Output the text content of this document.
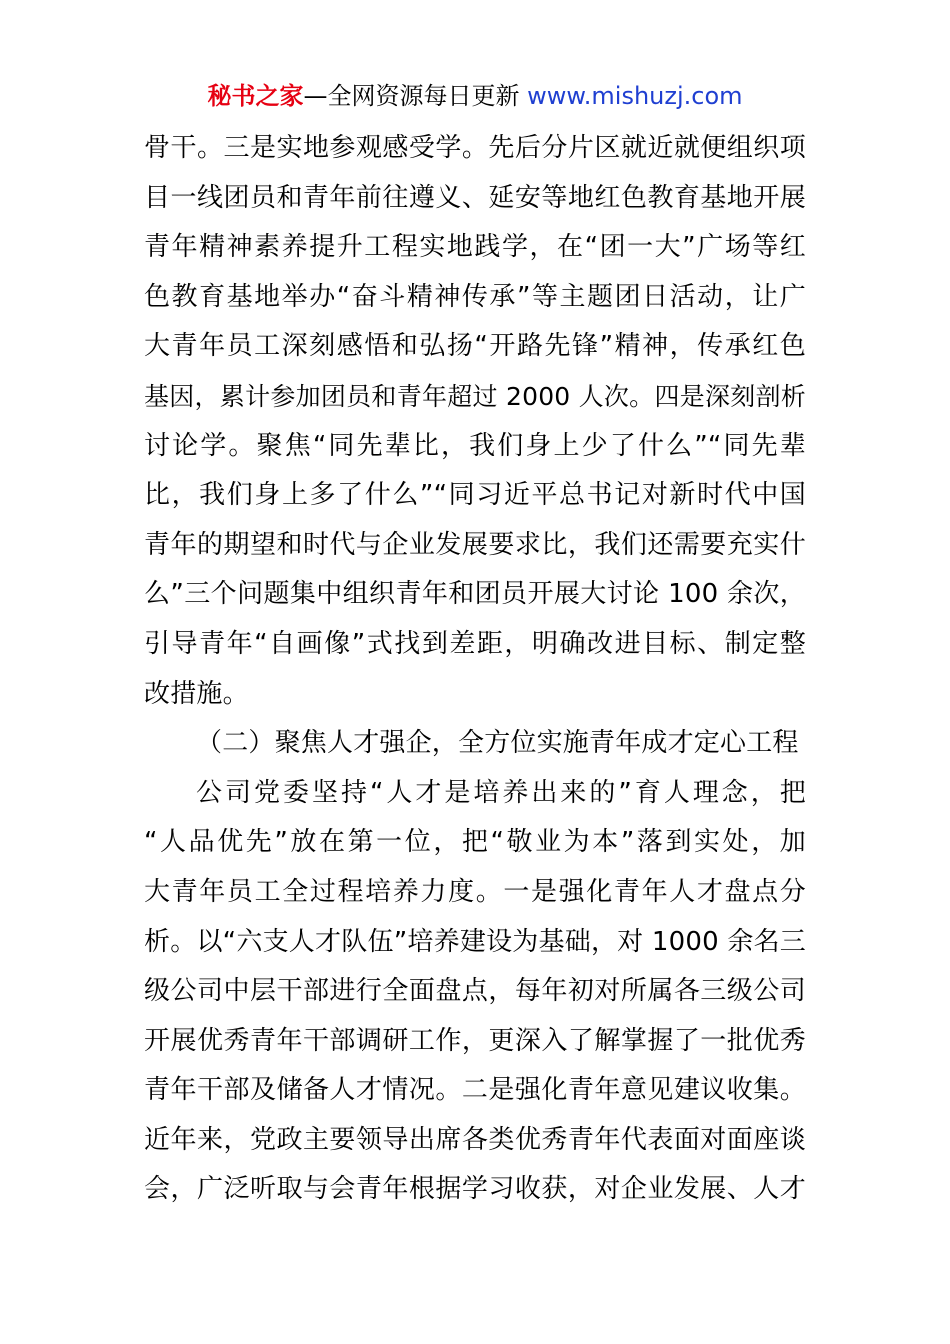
秘书之家—全网资源每日更新 www.mishuzj.com
骨干。三是实地参观感受学。先后分片区就近就便组织项
目一线团员和青年前往遵义、延安等地红色教育基地开展
青年精神素养提升工程实地践学，在“团一大”广场等红
色教育基地举办“奋斗精神传承”等主题团日活动，让广
大青年员工深刻感悟和弘扬“开路先锋”精神，传承红色
基因，累计参加团员和青年超过 2000 人次。四是深刻剖析
讨论学。聚焦“同先辈比，我们身上少了什么”“同先辈
比，我们身上多了什么”“同习近平总书记对新时代中国
青年的期望和时代与企业发展要求比，我们还需要充实什
么”三个问题集中组织青年和团员开展大讨论 100 余次，
引导青年“自画像”式找到差距，明确改进目标、制定整
改措施。
（二）聚焦人才强企，全方位实施青年成才定心工程
公司党委坚持“人才是培养出来的”育人理念，把
“人品优先”放在第一位，把“敬业为本”落到实处，加
大青年员工全过程培养力度。一是强化青年人才盘点分
析。以“六支人才队伍”培养建设为基础，对 1000 余名三
级公司中层干部进行全面盘点，每年初对所属各三级公司
开展优秀青年干部调研工作，更深入了解掌握了一批优秀
青年干部及储备人才情况。二是强化青年意见建议收集。
近年来，党政主要领导出席各类优秀青年代表面对面座谈
会，广泛听取与会青年根据学习收获，对企业发展、人才
